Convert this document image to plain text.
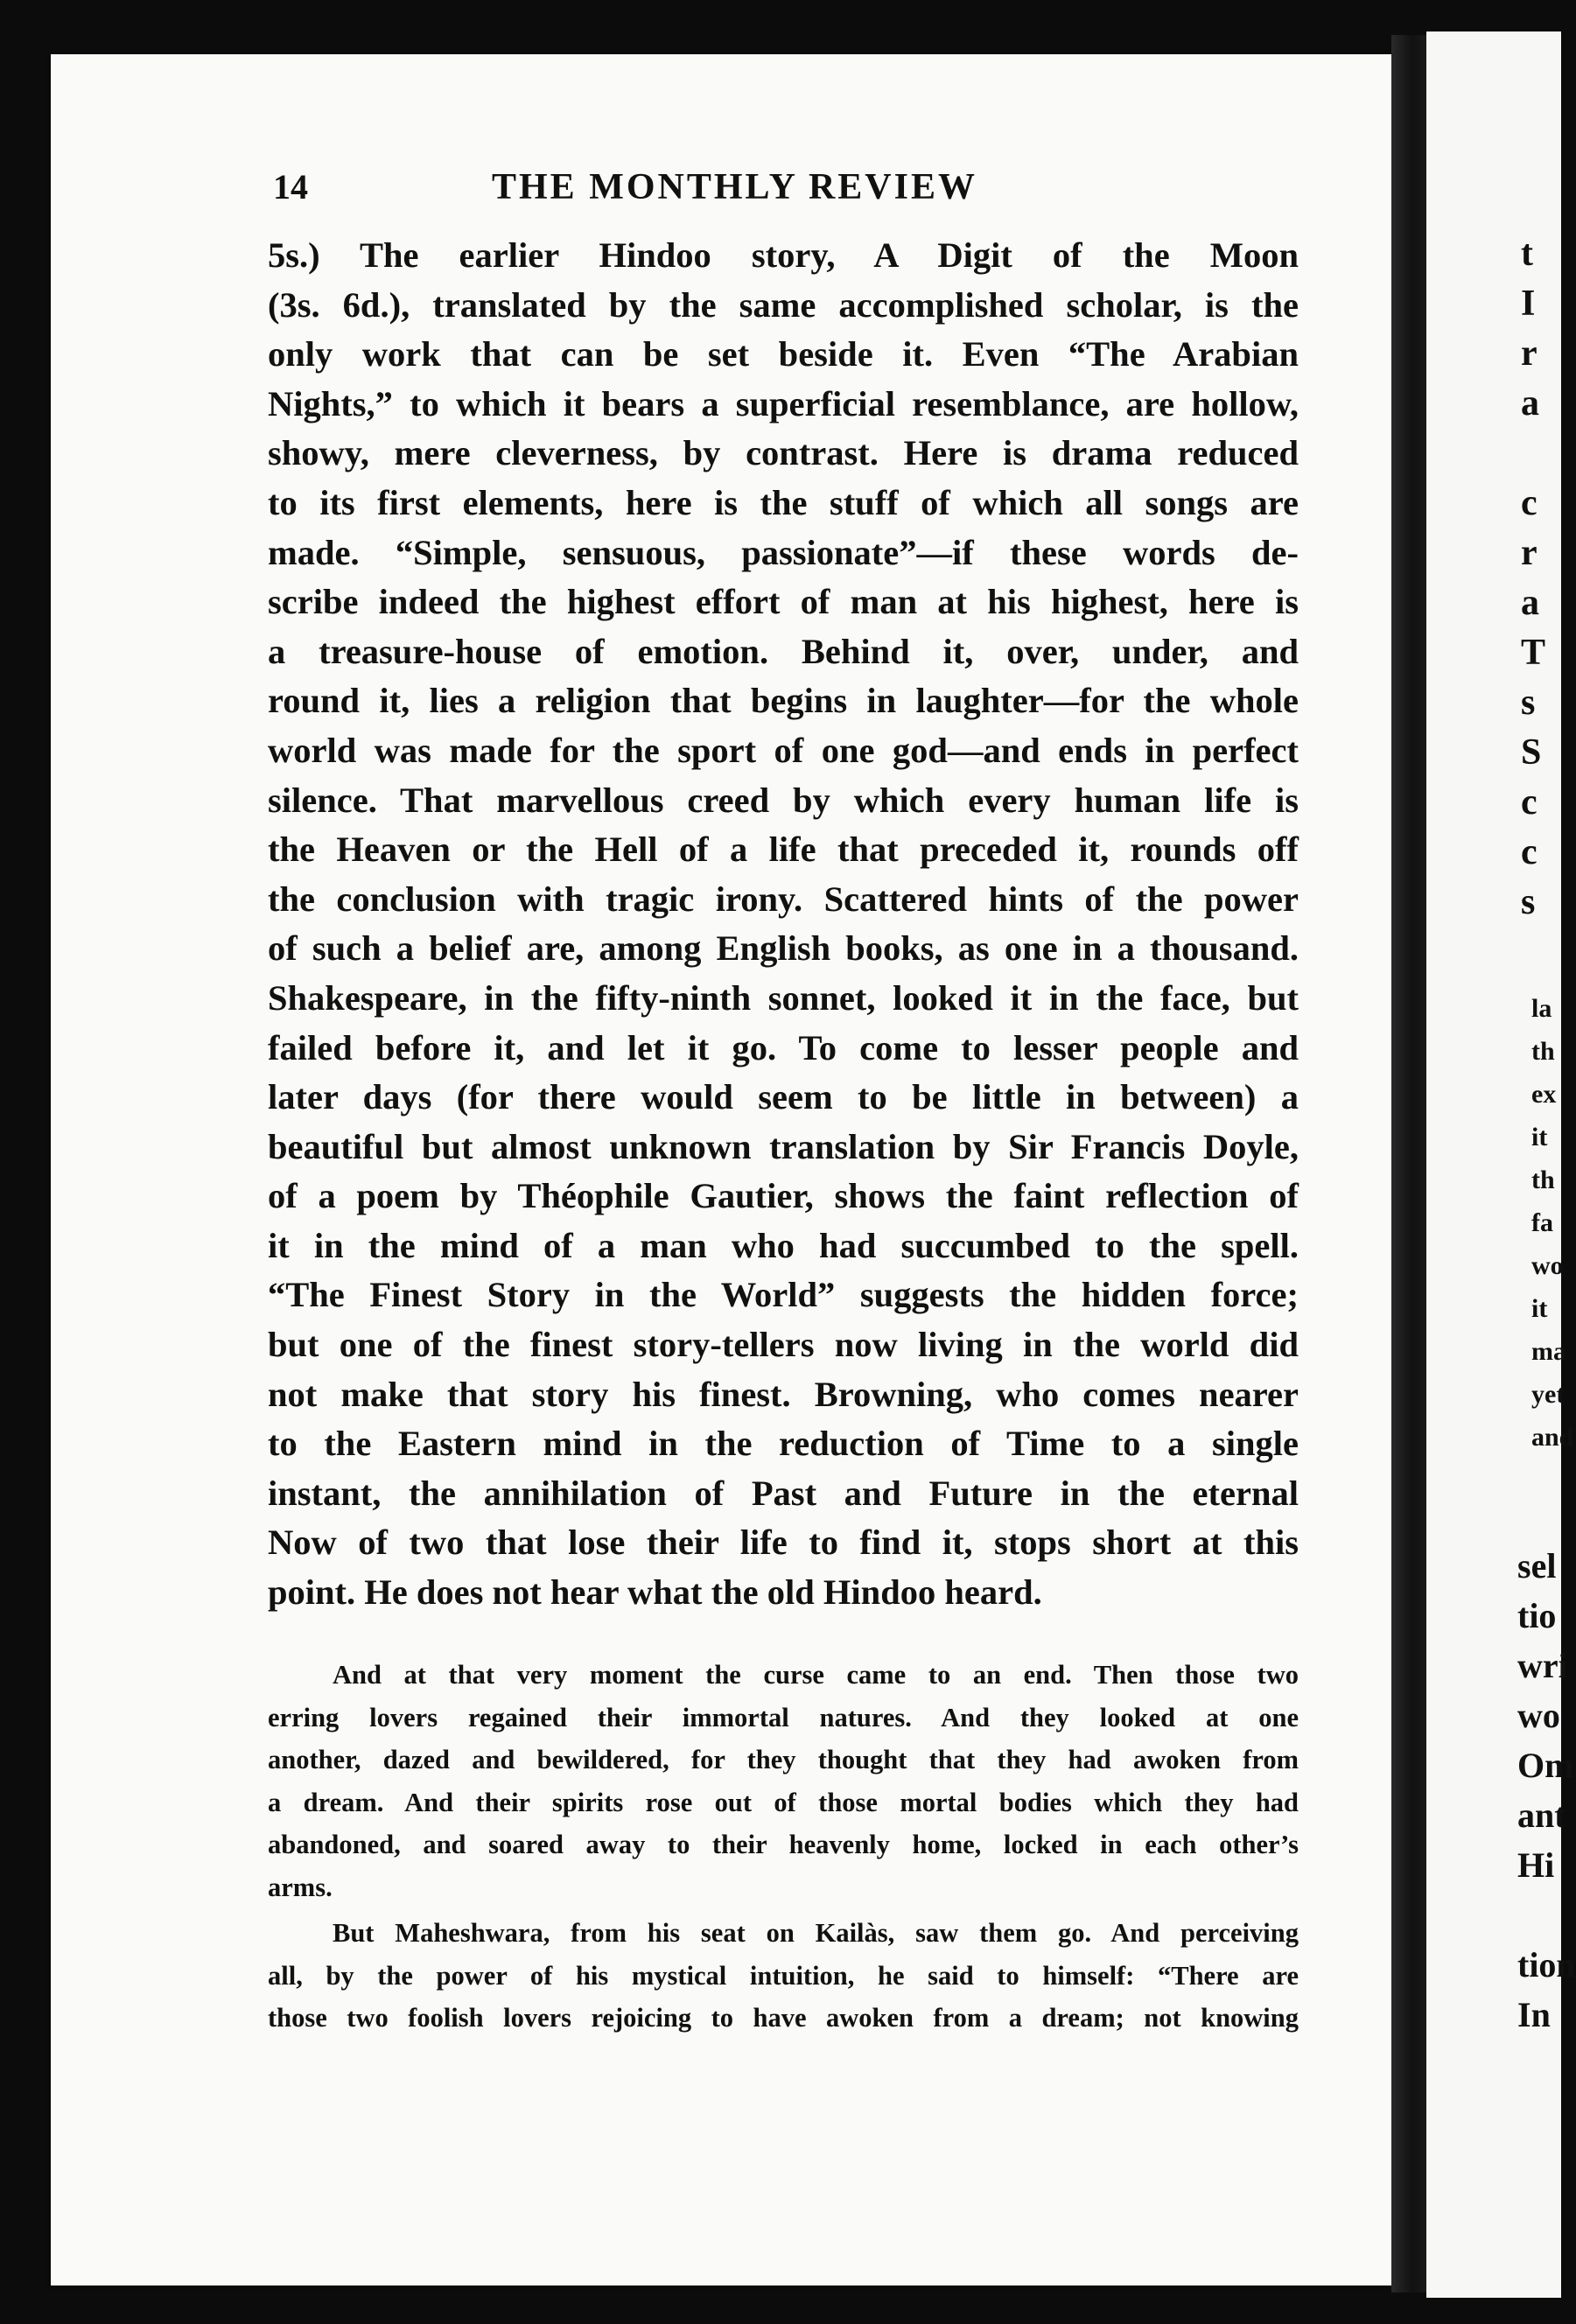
t
I
r
a
c
r
a
T
s
S
c
c
s
la
th
ex
it
th
fa
wo
it
ma
yet
and
sel
tio
wri
wo
Om
ant
Hi
tion
In
14	THE MONTHLY REVIEW
5s.) The earlier Hindoo story, A Digit of the Moon
(3s. 6d.), translated by the same accomplished scholar, is the
only work that can be set beside it. Even “The Arabian
Nights,” to which it bears a superficial resemblance, are hollow,
showy, mere cleverness, by contrast. Here is drama reduced
to its first elements, here is the stuff of which all songs are
made. “Simple, sensuous, passionate”—if these words de-
scribe indeed the highest effort of man at his highest, here is
a treasure-house of emotion. Behind it, over, under, and
round it, lies a religion that begins in laughter—for the whole
world was made for the sport of one god—and ends in perfect
silence. That marvellous creed by which every human life is
the Heaven or the Hell of a life that preceded it, rounds off
the conclusion with tragic irony. Scattered hints of the power
of such a belief are, among English books, as one in a thousand.
Shakespeare, in the fifty-ninth sonnet, looked it in the face, but
failed before it, and let it go. To come to lesser people and
later days (for there would seem to be little in between) a
beautiful but almost unknown translation by Sir Francis Doyle,
of a poem by Théophile Gautier, shows the faint reflection of
it in the mind of a man who had succumbed to the spell.
“The Finest Story in the World” suggests the hidden force;
but one of the finest story-tellers now living in the world did
not make that story his finest. Browning, who comes nearer
to the Eastern mind in the reduction of Time to a single
instant, the annihilation of Past and Future in the eternal
Now of two that lose their life to find it, stops short at this
point. He does not hear what the old Hindoo heard.
And at that very moment the curse came to an end. Then those two
erring lovers regained their immortal natures. And they looked at one
another, dazed and bewildered, for they thought that they had awoken from
a dream. And their spirits rose out of those mortal bodies which they had
abandoned, and soared away to their heavenly home, locked in each other’s
arms.
But Maheshwara, from his seat on Kailàs, saw them go. And perceiving
all, by the power of his mystical intuition, he said to himself: “There are
those two foolish lovers rejoicing to have awoken from a dream; not knowing
